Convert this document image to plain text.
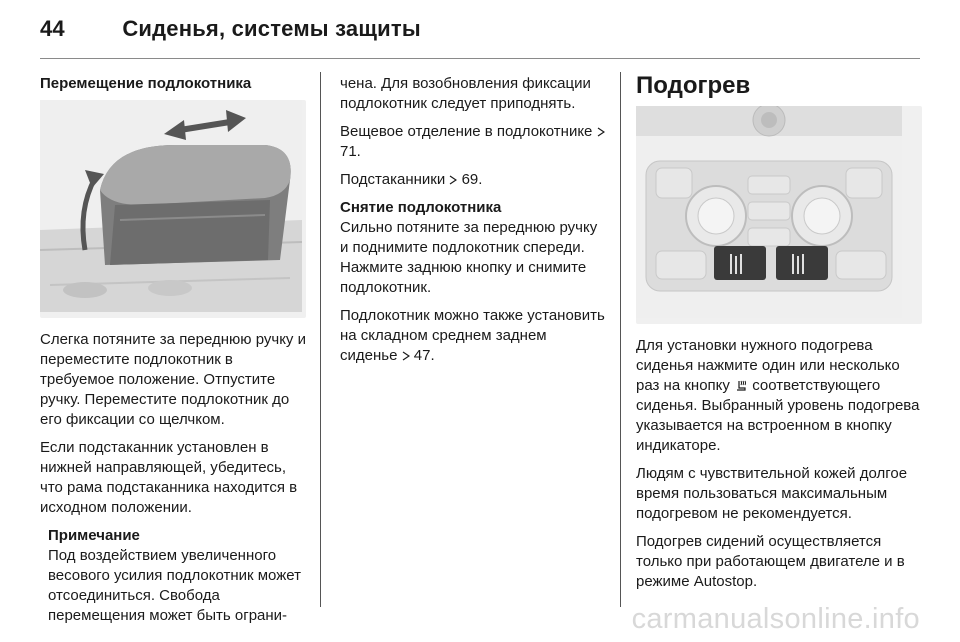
44	Сиденья, системы защиты
Перемещение подлокотника

Слегка потяните за переднюю ручку и переместите подлокотник в требуемое положение. Отпустите ручку. Переместите подлокотник до его фиксации со щелчком.

Если подстаканник установлен в нижней направляющей, убедитесь, что рама подстаканника находится в исходном положении.

Примечание
Под воздействием увеличенного весового усилия подлокотник может отсоединиться. Свобода перемещения может быть ограни-

чена. Для возобновления фиксации подлокотник следует приподнять.

Вещевое отделение в подлокотнике  71.

Подстаканники 69.

Снятие подлокотника

Сильно потяните за переднюю ручку и поднимите подлокотник спереди. Нажмите заднюю кнопку и снимите подлокотник.

Подлокотник можно также установить на складном среднем заднем сиденье 47.

Подогрев

Для установки нужного подогрева сиденья нажмите один или несколько раз на кнопку соответствующего сиденья. Выбранный уровень подогрева указывается на встроенном в кнопку индикаторе.

Людям с чувствительной кожей долгое время пользоваться максимальным подогревом не рекомендуется.

Подогрев сидений осуществляется только при работающем двигателе и в режиме Autostop.

carmanualsonline.info
